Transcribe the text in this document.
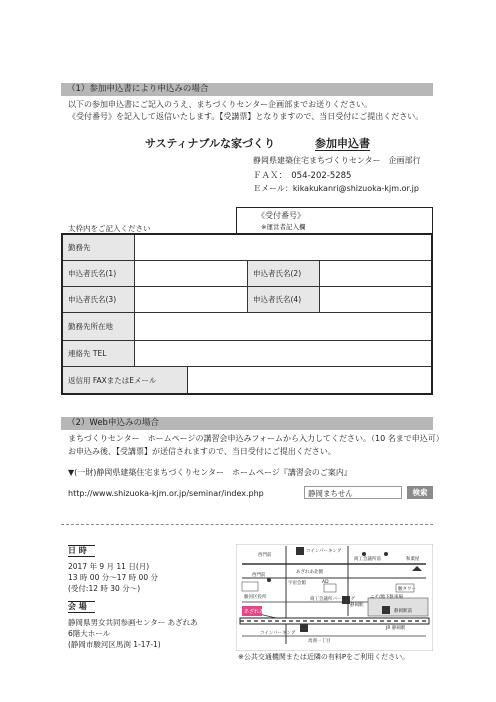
（1）参加申込書により申込みの場合
以下の参加申込書にご記入のうえ、まちづくりセンター企画部までお送りください。
《受付番号》を記入して返信いたします。【受講票】となりますので、当日受付にご提出ください。
サスティナブルな家づくり	参加申込書
静岡県建築住宅まちづくりセンター　企画部行
ＦＡＸ：　054-202-5285
Ｅメール：kikakukanri@shizuoka-kjm.or.jp
太枠内をご記入ください
《受付番号》
※運営者記入欄
勤務先
申込者氏名(1)	申込者氏名(2)
申込者氏名(3)	申込者氏名(4)
勤務先所在地
連絡先 TEL
返信用 FAXまたはEメール
（2）Web申込みの場合
まちづくりセンター　ホームページの講習会申込みフォームから入力してください。（10 名まで申込可）
お申込み後、【受講票】が送信されますので、当日受付にご提出ください。
▼(一財)静岡県建築住宅まちづくりセンター　ホームページ『講習会のご案内』
http://www.shizuoka-kjm.or.jp/seminar/index.php	静岡まちせん	検索
日 時
2017 年 9 月 11 日(月)
13 時 00 分～17 時 00 分
(受付:12 時 30 分～)
会 場
静岡県男女共同参画センター あざれあ
6階大ホール
(静岡市駿河区馬渕 1-17-1)
西門前
コインパーキング
商工会議所前	和菓屋
あざれあ北側
西門前
あざれあ
駿河区役所	商工会議所パーキング
静岡駅
JR 静岡駅
馬渕一丁目
コインパーキング
ニチ/地下駐車場
静岡駅前
駿タワー
宇宙会館	AD
※公共交通機関または近隣の有料Pをご利用ください。
